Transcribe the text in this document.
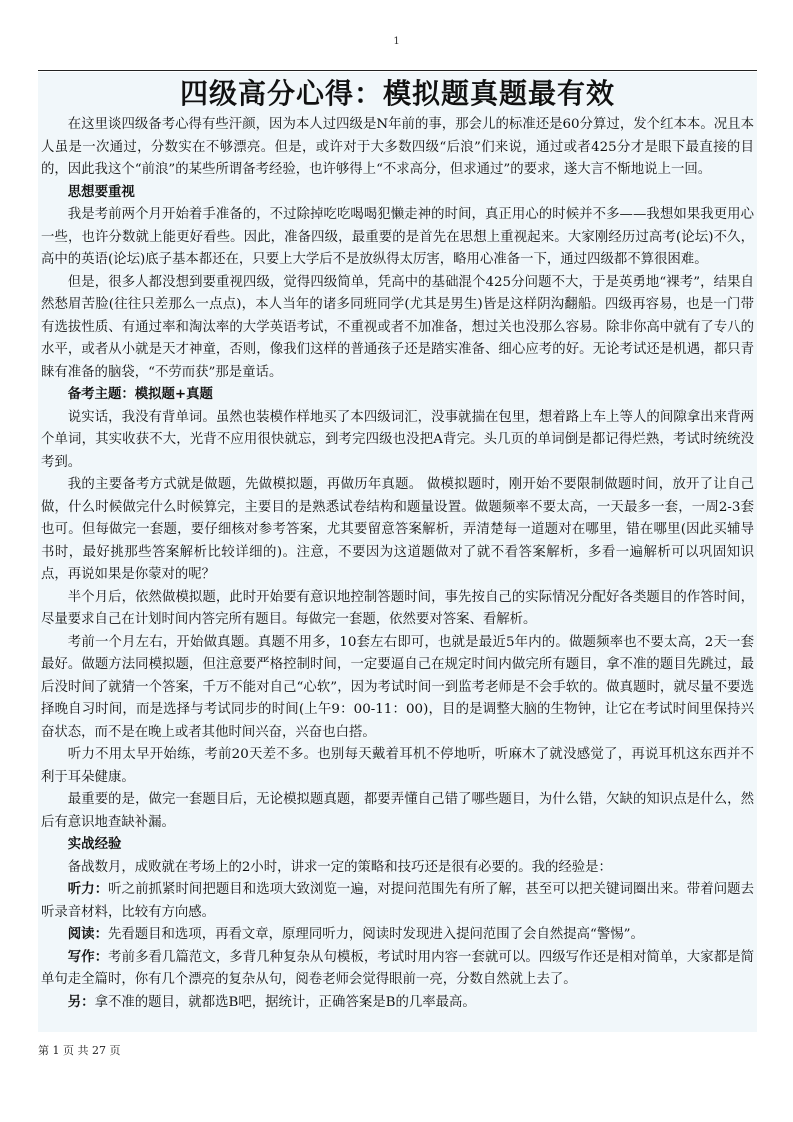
1
四级高分心得：模拟题真题最有效

在这里谈四级备考心得有些汗颜，因为本人过四级是N年前的事，那会儿的标准还是60分算过，发个红本本。况且本人虽是一次通过，分数实在不够漂亮。但是，或许对于大多数四级“后浪”们来说，通过或者425分才是眼下最直接的目的，因此我这个“前浪”的某些所谓备考经验，也许够得上“不求高分，但求通过”的要求，遂大言不惭地说上一回。

思想要重视

我是考前两个月开始着手准备的，不过除掉吃吃喝喝犯懒走神的时间，真正用心的时候并不多——我想如果我更用心一些，也许分数就上能更好看些。因此，准备四级，最重要的是首先在思想上重视起来。大家刚经历过高考(论坛)不久，高中的英语(论坛)底子基本都还在，只要上大学后不是放纵得太厉害，略用心准备一下，通过四级都不算很困难。

但是，很多人都没想到要重视四级，觉得四级简单，凭高中的基础混个425分问题不大，于是英勇地“裸考”，结果自然愁眉苦脸(往往只差那么一点点)，本人当年的诸多同班同学(尤其是男生)皆是这样阴沟翻船。四级再容易，也是一门带有选拔性质、有通过率和淘汰率的大学英语考试，不重视或者不加准备，想过关也没那么容易。除非你高中就有了专八的水平，或者从小就是天才神童，否则，像我们这样的普通孩子还是踏实准备、细心应考的好。无论考试还是机遇，都只青睐有准备的脑袋，“不劳而获”那是童话。

备考主题：模拟题+真题

说实话，我没有背单词。虽然也装模作样地买了本四级词汇，没事就揣在包里，想着路上车上等人的间隙拿出来背两个单词，其实收获不大，光背不应用很快就忘，到考完四级也没把A背完。头几页的单词倒是都记得烂熟，考试时统统没考到。

我的主要备考方式就是做题，先做模拟题，再做历年真题。 做模拟题时，刚开始不要限制做题时间，放开了让自己做，什么时候做完什么时候算完，主要目的是熟悉试卷结构和题量设置。做题频率不要太高，一天最多一套，一周2-3套也可。但每做完一套题，要仔细核对参考答案，尤其要留意答案解析，弄清楚每一道题对在哪里，错在哪里(因此买辅导书时，最好挑那些答案解析比较详细的)。注意，不要因为这道题做对了就不看答案解析，多看一遍解析可以巩固知识点，再说如果是你蒙对的呢？

半个月后，依然做模拟题，此时开始要有意识地控制答题时间，事先按自己的实际情况分配好各类题目的作答时间，尽量要求自己在计划时间内答完所有题目。每做完一套题，依然要对答案、看解析。

考前一个月左右，开始做真题。真题不用多，10套左右即可，也就是最近5年内的。做题频率也不要太高，2天一套最好。做题方法同模拟题，但注意要严格控制时间，一定要逼自己在规定时间内做完所有题目，拿不准的题目先跳过，最后没时间了就猜一个答案，千万不能对自己“心软”，因为考试时间一到监考老师是不会手软的。做真题时，就尽量不要选择晚自习时间，而是选择与考试同步的时间(上午9：00-11：00)，目的是调整大脑的生物钟，让它在考试时间里保持兴奋状态，而不是在晚上或者其他时间兴奋，兴奋也白搭。

听力不用太早开始练，考前20天差不多。也别每天戴着耳机不停地听，听麻木了就没感觉了，再说耳机这东西并不利于耳朵健康。

最重要的是，做完一套题目后，无论模拟题真题，都要弄懂自己错了哪些题目，为什么错，欠缺的知识点是什么，然后有意识地查缺补漏。

实战经验

备战数月，成败就在考场上的2小时，讲求一定的策略和技巧还是很有必要的。我的经验是：

听力：听之前抓紧时间把题目和选项大致浏览一遍，对提问范围先有所了解，甚至可以把关键词圈出来。带着问题去听录音材料，比较有方向感。

阅读：先看题目和选项，再看文章，原理同听力，阅读时发现进入提问范围了会自然提高“警惕”。

写作：考前多看几篇范文，多背几种复杂从句模板，考试时用内容一套就可以。四级写作还是相对简单，大家都是简单句走全篇时，你有几个漂亮的复杂从句，阅卷老师会觉得眼前一亮，分数自然就上去了。

另：拿不准的题目，就都选B吧，据统计，正确答案是B的几率最高。

第 1 页 共 27 页
